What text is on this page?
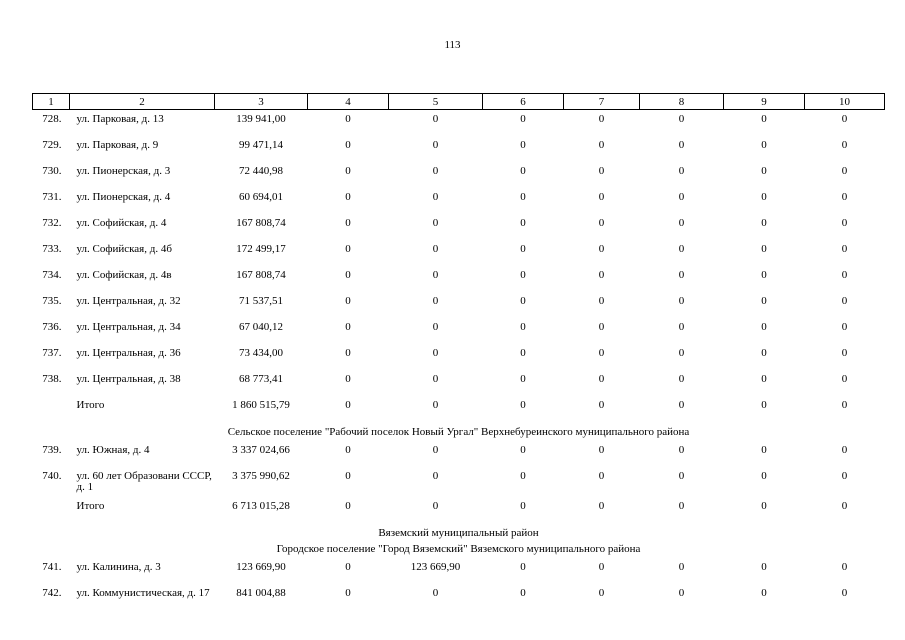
113
1	2	3	4	5	6	7	8	9	10
728.	ул. Парковая, д. 13	139 941,00	0	0	0	0	0	0	0
729.	ул. Парковая, д. 9	99 471,14	0	0	0	0	0	0	0
730.	ул. Пионерская, д. 3	72 440,98	0	0	0	0	0	0	0
731.	ул. Пионерская, д. 4	60 694,01	0	0	0	0	0	0	0
732.	ул. Софийская, д. 4	167 808,74	0	0	0	0	0	0	0
733.	ул. Софийская, д. 4б	172 499,17	0	0	0	0	0	0	0
734.	ул. Софийская, д. 4в	167 808,74	0	0	0	0	0	0	0
735.	ул. Центральная, д. 32	71 537,51	0	0	0	0	0	0	0
736.	ул. Центральная, д. 34	67 040,12	0	0	0	0	0	0	0
737.	ул. Центральная, д. 36	73 434,00	0	0	0	0	0	0	0
738.	ул. Центральная, д. 38	68 773,41	0	0	0	0	0	0	0
	Итого	1 860 515,79	0	0	0	0	0	0	0
Сельское поселение "Рабочий поселок Новый Ургал" Верхнебуреинского муниципального района									
739.	ул. Южная, д. 4	3 337 024,66	0	0	0	0	0	0	0
740.	ул. 60 лет Образовани ССCР, д. 1	3 375 990,62	0	0	0	0	0	0	0
	Итого	6 713 015,28	0	0	0	0	0	0	0
Вяземский муниципальный район									
Городское поселение "Город Вяземский" Вяземского муниципального района									
741.	ул. Калинина, д. 3	123 669,90	0	123 669,90	0	0	0	0	0
742.	ул. Коммунистическая, д. 17	841 004,88	0	0	0	0	0	0	0
